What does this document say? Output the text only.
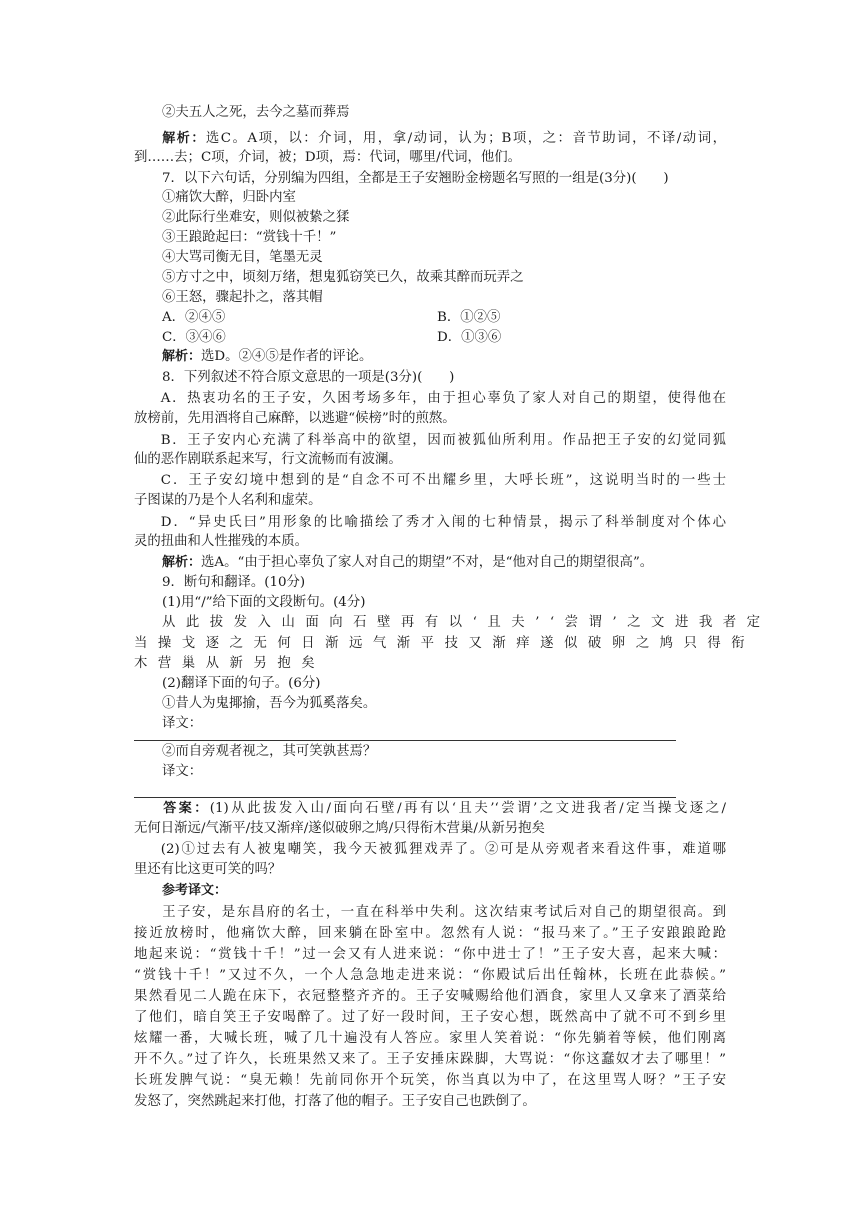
②夫五人之死，去今之墓而葬焉
  解析：选C。A项，以：介词，用，拿/动词，认为；B项，之：音节助词，不译/动词，
到……去；C项，介词，被；D项，焉：代词，哪里/代词，他们。
7．以下六句话，分别编为四组，全都是王子安翘盼金榜题名写照的一组是(3分)(　　)
①痛饮大醉，归卧内室
②此际行坐难安，则似被絷之猱
③王踉跄起曰：“赏钱十千！”
④大骂司衡无目，笔墨无灵
⑤方寸之中，顷刻万绪，想鬼狐窃笑已久，故乘其醉而玩弄之
⑥王怒，骤起扑之，落其帽
A．②④⑤	B．①②⑤
C．③④⑥	D．①③⑥
解析：选D。②④⑤是作者的评论。
8．下列叙述不符合原文意思的一项是(3分)(　　)
  A．热衷功名的王子安，久困考场多年，由于担心辜负了家人对自己的期望，使得他在
放榜前，先用酒将自己麻醉，以逃避“候榜”时的煎熬。
  B．王子安内心充满了科举高中的欲望，因而被狐仙所利用。作品把王子安的幻觉同狐
仙的恶作剧联系起来写，行文流畅而有波澜。
  C．王子安幻境中想到的是“自念不可不出耀乡里，大呼长班”，这说明当时的一些士
子图谋的乃是个人名利和虚荣。
  D．“异史氏曰”用形象的比喻描绘了秀才入闱的七种情景，揭示了科举制度对个体心
灵的扭曲和人性摧残的本质。
解析：选A。“由于担心辜负了家人对自己的期望”不对，是“他对自己的期望很高”。
9．断句和翻译。(10分)
(1)用“/”给下面的文段断句。(4分)
从此拔发入山面向石壁再有以‘且夫’‘尝谓’之文进我者定
当操戈逐之无何日渐远气渐平技又渐痒遂似破卵之鸠只得衔
木营巢从新另抱矣
(2)翻译下面的句子。(6分)
①昔人为鬼揶揄，吾今为狐奚落矣。
译文：
②而自旁观者视之，其可笑孰甚焉？
译文：
  答案：(1)从此拔发入山/面向石壁/再有以‘且夫’‘尝谓’之文进我者/定当操戈逐之/
无何日渐远/气渐平/技又渐痒/遂似破卵之鸠/只得衔木营巢/从新另抱矣
  (2)①过去有人被鬼嘲笑，我今天被狐狸戏弄了。②可是从旁观者来看这件事，难道哪
里还有比这更可笑的吗？
参考译文：
  王子安，是东昌府的名士，一直在科举中失利。这次结束考试后对自己的期望很高。到
接近放榜时，他痛饮大醉，回来躺在卧室中。忽然有人说：“报马来了。”王子安踉踉跄跄
地起来说：“赏钱十千！”过一会又有人进来说：“你中进士了！”王子安大喜，起来大喊：
“赏钱十千！”又过不久，一个人急急地走进来说：“你殿试后出任翰林，长班在此恭候。”
果然看见二人跪在床下，衣冠整整齐齐的。王子安喊赐给他们酒食，家里人又拿来了酒菜给
了他们，暗自笑王子安喝醉了。过了好一段时间，王子安心想，既然高中了就不可不到乡里
炫耀一番，大喊长班，喊了几十遍没有人答应。家里人笑着说：“你先躺着等候，他们刚离
开不久。”过了许久，长班果然又来了。王子安捶床跺脚，大骂说：“你这蠢奴才去了哪里！”
长班发脾气说：“臭无赖！先前同你开个玩笑，你当真以为中了，在这里骂人呀？”王子安
发怒了，突然跳起来打他，打落了他的帽子。王子安自己也跌倒了。
